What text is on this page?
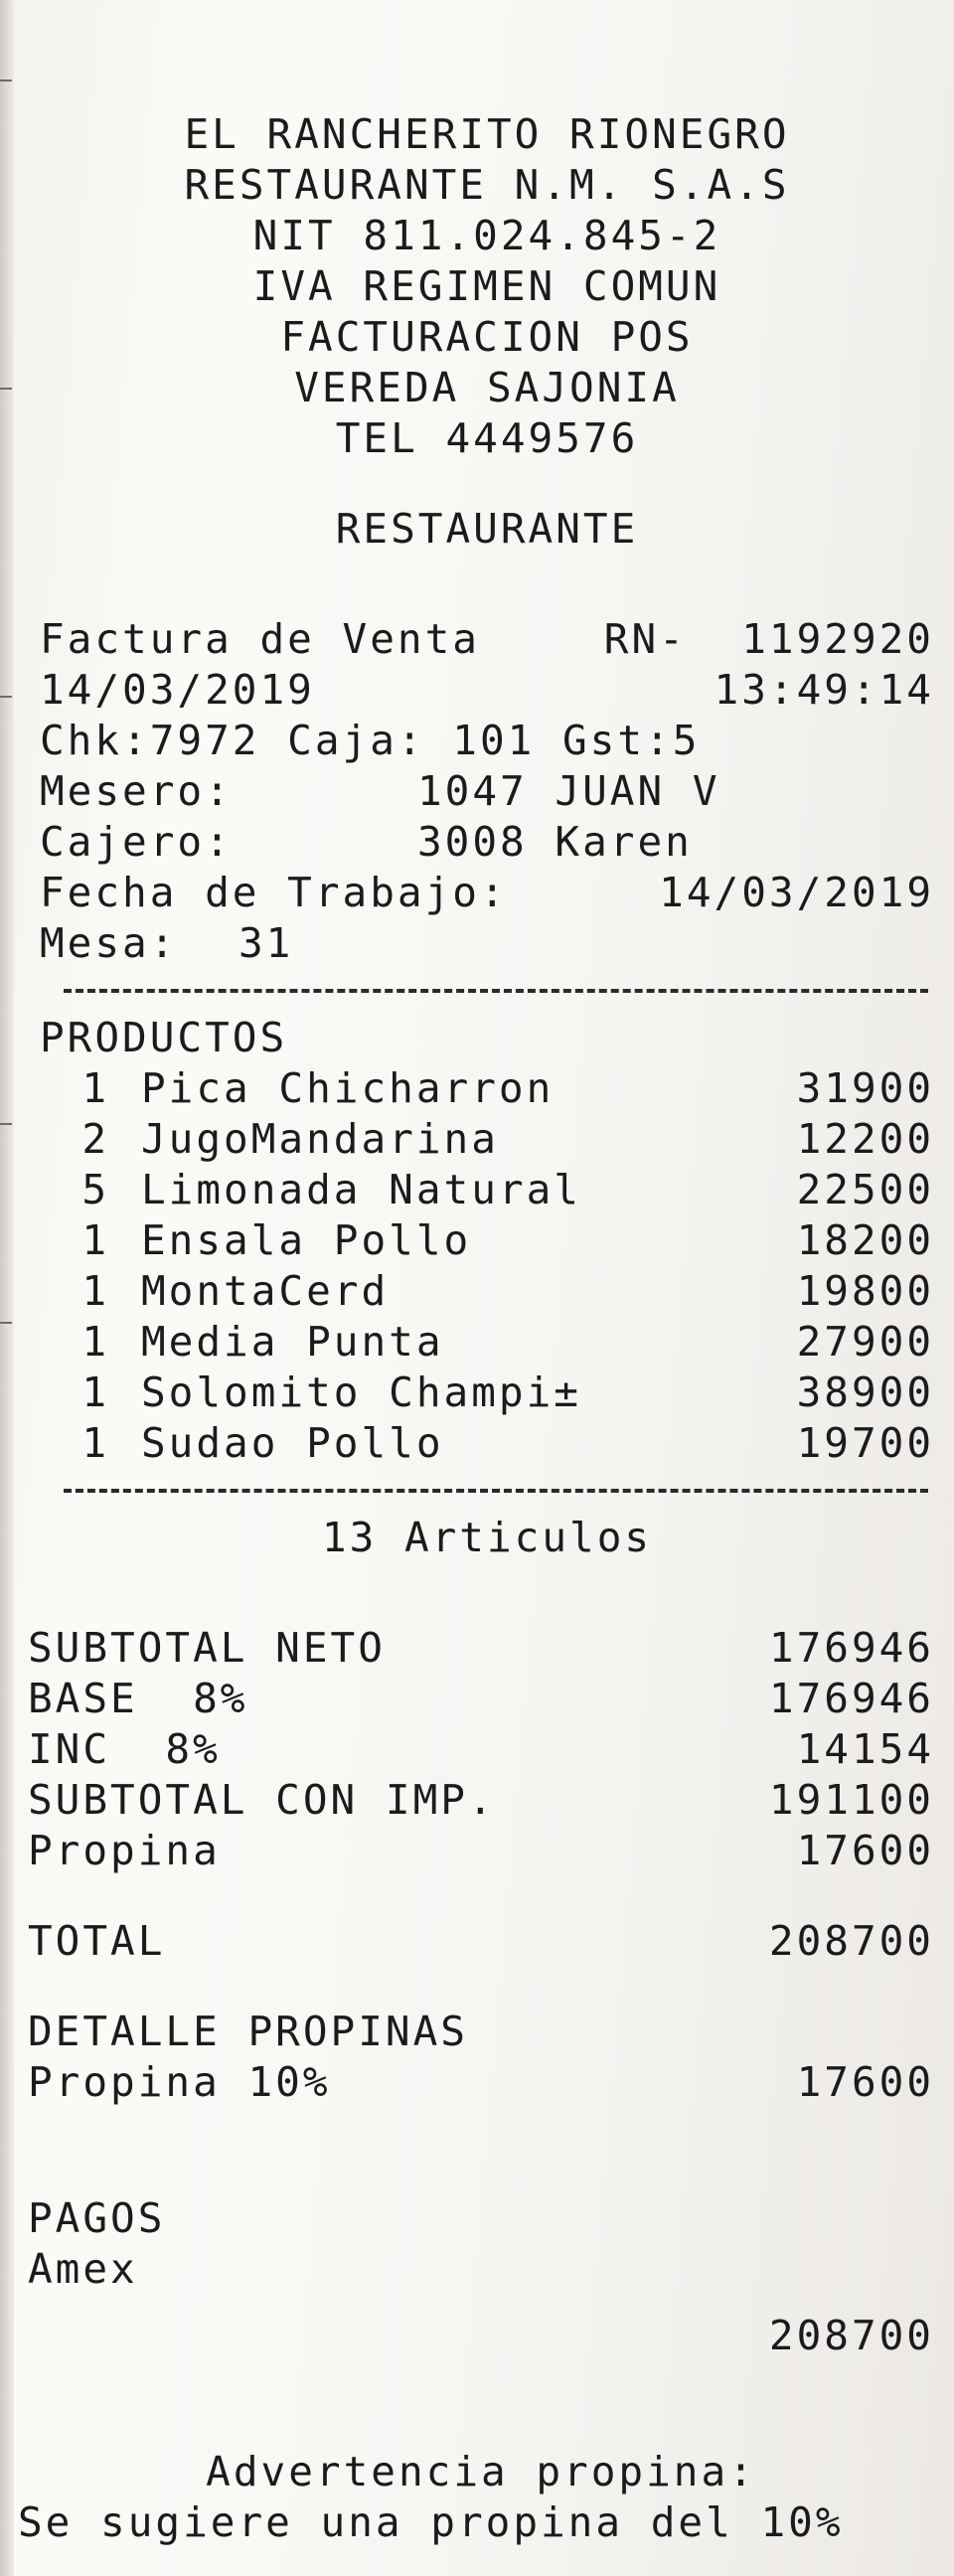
EL RANCHERITO RIONEGRO
RESTAURANTE N.M. S.A.S
NIT 811.024.845-2
IVA REGIMEN COMUN
FACTURACION POS
VEREDA SAJONIA
TEL 4449576
RESTAURANTE
Factura de Venta	RN- 1192920
14/03/2019	13:49:14
Chk:7972 Caja: 101 Gst:5
Mesero:	1047 JUAN V
Cajero:	3008 Karen
Fecha de Trabajo:	14/03/2019
Mesa:	31
PRODUCTOS
1 Pica Chicharron	31900
2 JugoMandarina	12200
5 Limonada Natural	22500
1 Ensala Pollo	18200
1 MontaCerd	19800
1 Media Punta	27900
1 Solomito Champi±	38900
1 Sudao Pollo	19700
13 Articulos
SUBTOTAL NETO	176946
BASE  8%	176946
INC  8%	14154
SUBTOTAL CON IMP.	191100
Propina	17600
TOTAL	208700
DETALLE PROPINAS
Propina 10%	17600
PAGOS
Amex
208700
Advertencia propina:
Se sugiere una propina del 10%
